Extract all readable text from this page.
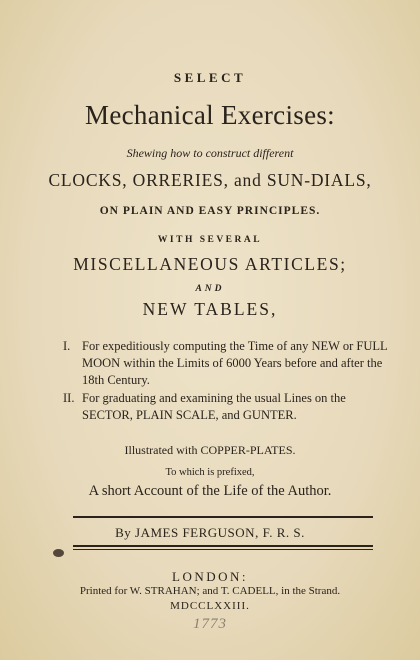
SELECT
Mechanical Exercises:
Shewing how to construct different
CLOCKS, ORRERIES, and SUN-DIALS,
ON PLAIN AND EASY PRINCIPLES.
WITH SEVERAL
MISCELLANEOUS ARTICLES;
AND
NEW TABLES,
I. For expeditiously computing the Time of any NEW or FULL MOON within the Limits of 6000 Years before and after the 18th Century.
II. For graduating and examining the usual Lines on the SECTOR, PLAIN SCALE, and GUNTER.
Illustrated with COPPER-PLATES.
To which is prefixed,
A short Account of the Life of the Author.
By JAMES FERGUSON, F. R. S.
LONDON:
Printed for W. STRAHAN; and T. CADELL, in the Strand.
MDCCLXXIII.
1773
